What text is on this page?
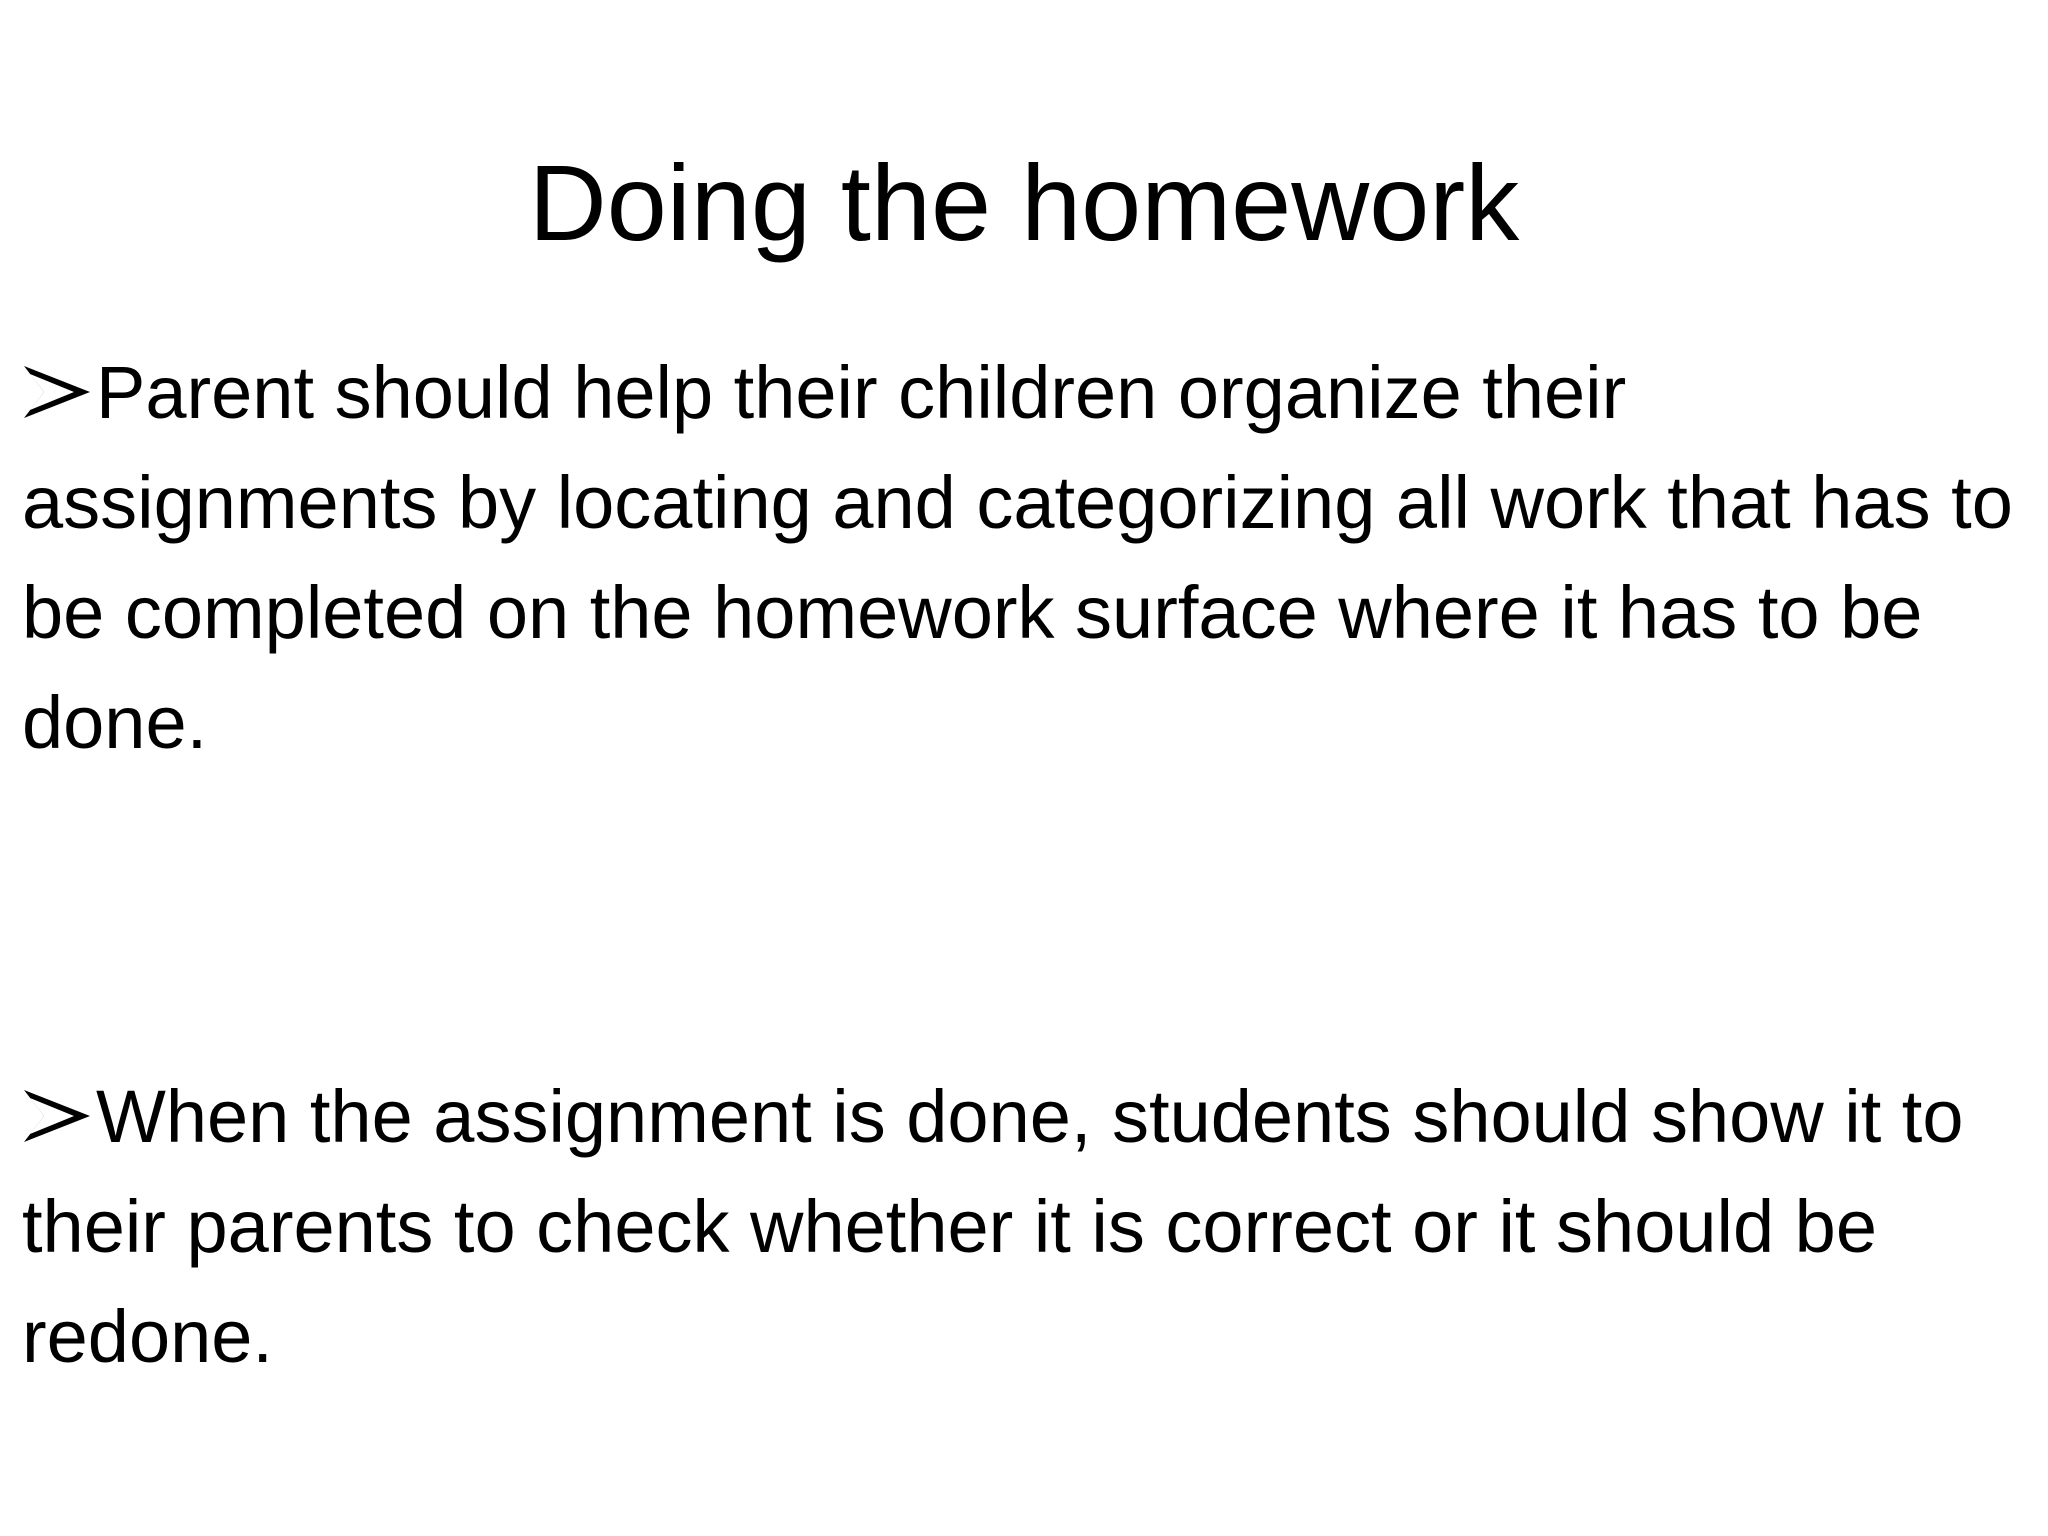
Doing the homework

Parent should help their children organize their assignments by locating and categorizing all work that has to be completed on the homework surface where it has to be done.

When the assignment is done, students should show it to their parents to check whether it is correct or it should be redone.
